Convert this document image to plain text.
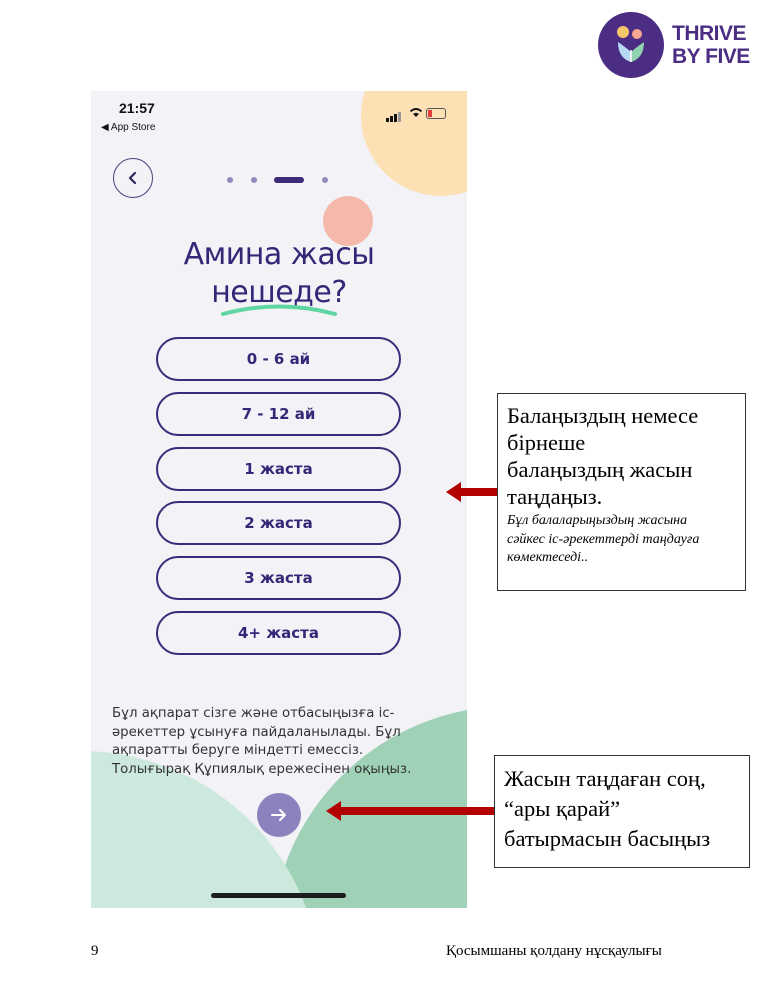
THRIVE
BY FIVE
21:57
◀ App Store
Амина жасы
нешеде?
0 - 6 ай
7 - 12 ай
1 жаста
2 жаста
3 жаста
4+ жаста
Бұл ақпарат сізге және отбасыңызға іс-
әрекеттер ұсынуға пайдаланылады. Бұл
ақпаратты беруге міндетті емессіз.
Толығырақ Құпиялық ережесінен оқыңыз.
Балаңыздың немесе
бірнеше
балаңыздың жасын
таңдаңыз.
Бұл балаларыңыздың жасына
сәйкес іс-әрекеттерді таңдауға
көмектеседі..
Жасын таңдаған соң,
“ары қарай”
батырмасын басыңыз
9	Қосымшаны қолдану нұсқаулығы
